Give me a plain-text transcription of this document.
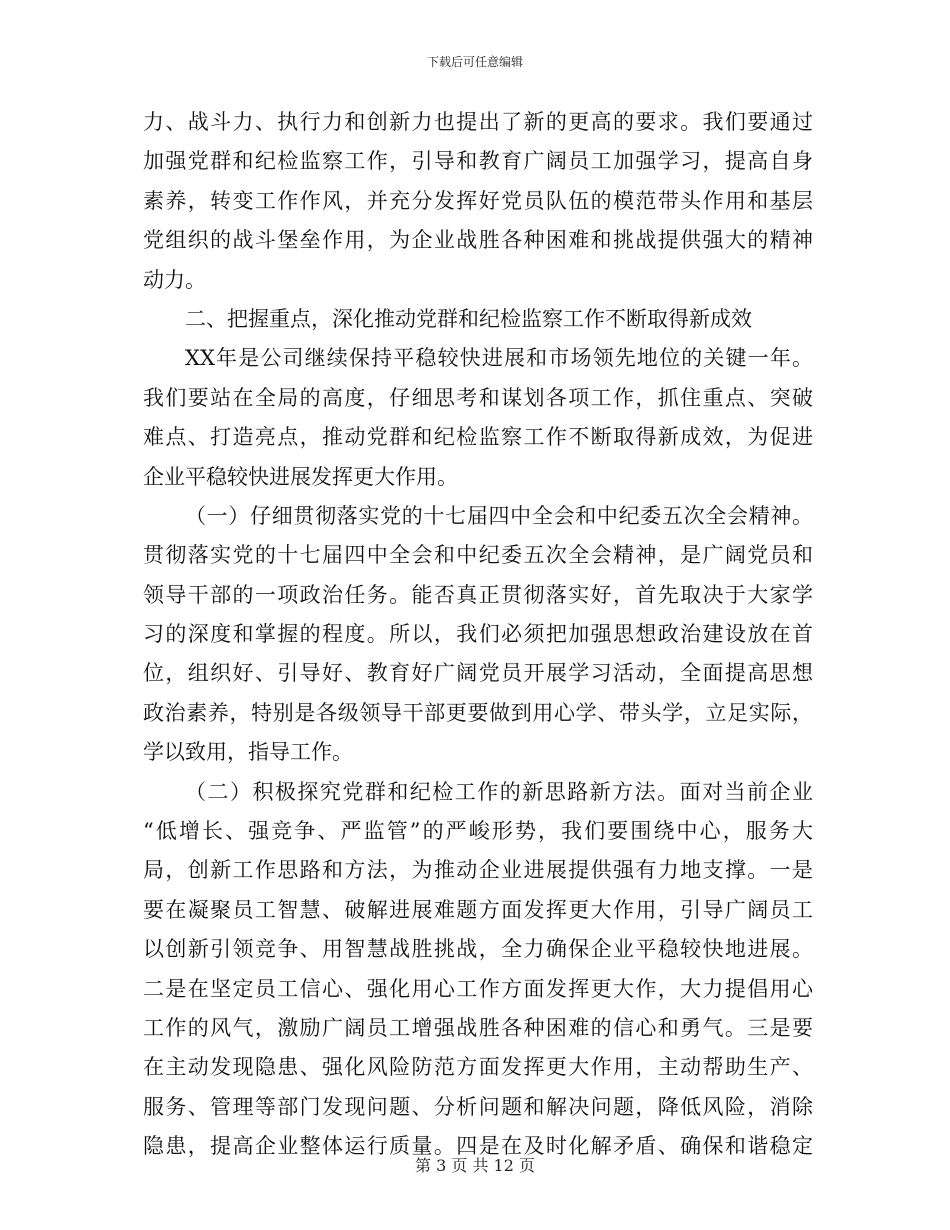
下载后可任意编辑
力、战斗力、执行力和创新力也提出了新的更高的要求。我们要通过
加强党群和纪检监察工作，引导和教育广阔员工加强学习，提高自身
素养，转变工作作风，并充分发挥好党员队伍的模范带头作用和基层
党组织的战斗堡垒作用，为企业战胜各种困难和挑战提供强大的精神
动力。
二、把握重点，深化推动党群和纪检监察工作不断取得新成效
XX年是公司继续保持平稳较快进展和市场领先地位的关键一年。
我们要站在全局的高度，仔细思考和谋划各项工作，抓住重点、突破
难点、打造亮点，推动党群和纪检监察工作不断取得新成效，为促进
企业平稳较快进展发挥更大作用。
（一）仔细贯彻落实党的十七届四中全会和中纪委五次全会精神。
贯彻落实党的十七届四中全会和中纪委五次全会精神，是广阔党员和
领导干部的一项政治任务。能否真正贯彻落实好，首先取决于大家学
习的深度和掌握的程度。所以，我们必须把加强思想政治建设放在首
位，组织好、引导好、教育好广阔党员开展学习活动，全面提高思想
政治素养，特别是各级领导干部更要做到用心学、带头学，立足实际，
学以致用，指导工作。
（二）积极探究党群和纪检工作的新思路新方法。面对当前企业
“低增长、强竞争、严监管”的严峻形势，我们要围绕中心，服务大
局，创新工作思路和方法，为推动企业进展提供强有力地支撑。一是
要在凝聚员工智慧、破解进展难题方面发挥更大作用，引导广阔员工
以创新引领竞争、用智慧战胜挑战，全力确保企业平稳较快地进展。
二是在坚定员工信心、强化用心工作方面发挥更大作，大力提倡用心
工作的风气，激励广阔员工增强战胜各种困难的信心和勇气。三是要
在主动发现隐患、强化风险防范方面发挥更大作用，主动帮助生产、
服务、管理等部门发现问题、分析问题和解决问题，降低风险，消除
隐患，提高企业整体运行质量。四是在及时化解矛盾、确保和谐稳定
第 3 页 共 12 页
